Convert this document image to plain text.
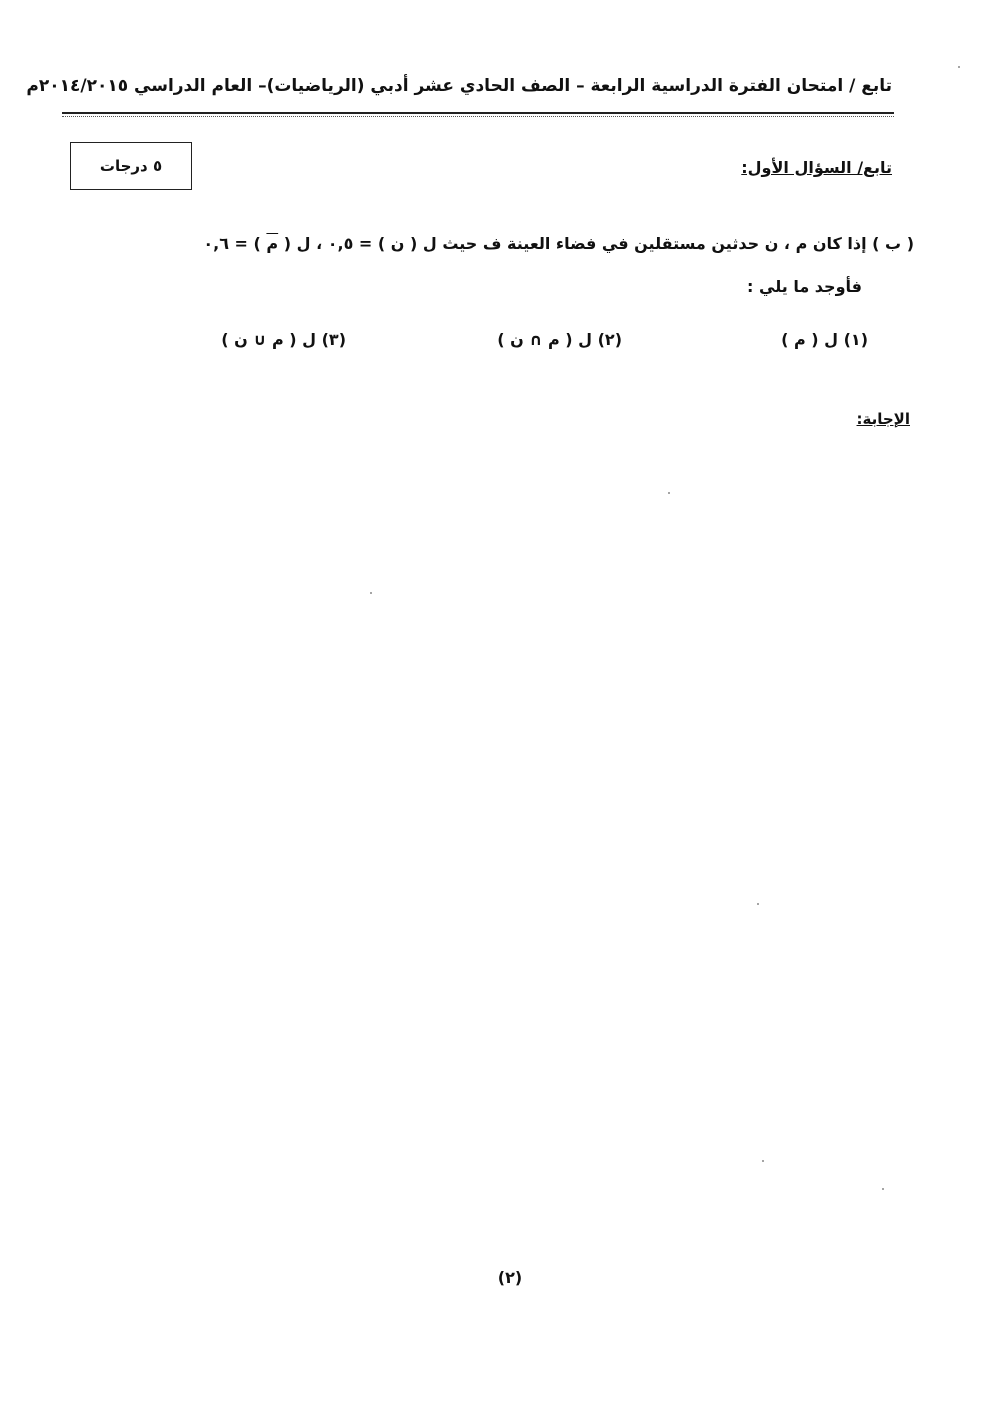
تابع / امتحان الفترة الدراسية الرابعة – الصف الحادي عشر أدبي (الرياضيات)– العام الدراسي ٢٠١٤/٢٠١٥م
٥ درجات	تابع/ السؤال الأول:
( ب ) إذا كان م ، ن حدثين مستقلين في فضاء العينة ف حيث ل ( ن ) = ٠,٥ ، ل ( م ) = ٠,٦
فأوجد ما يلي :
(١) ل ( م )
(٢) ل ( م ∩ ن )
(٣) ل ( م ∪ ن )
الإجابة:
(٢)
